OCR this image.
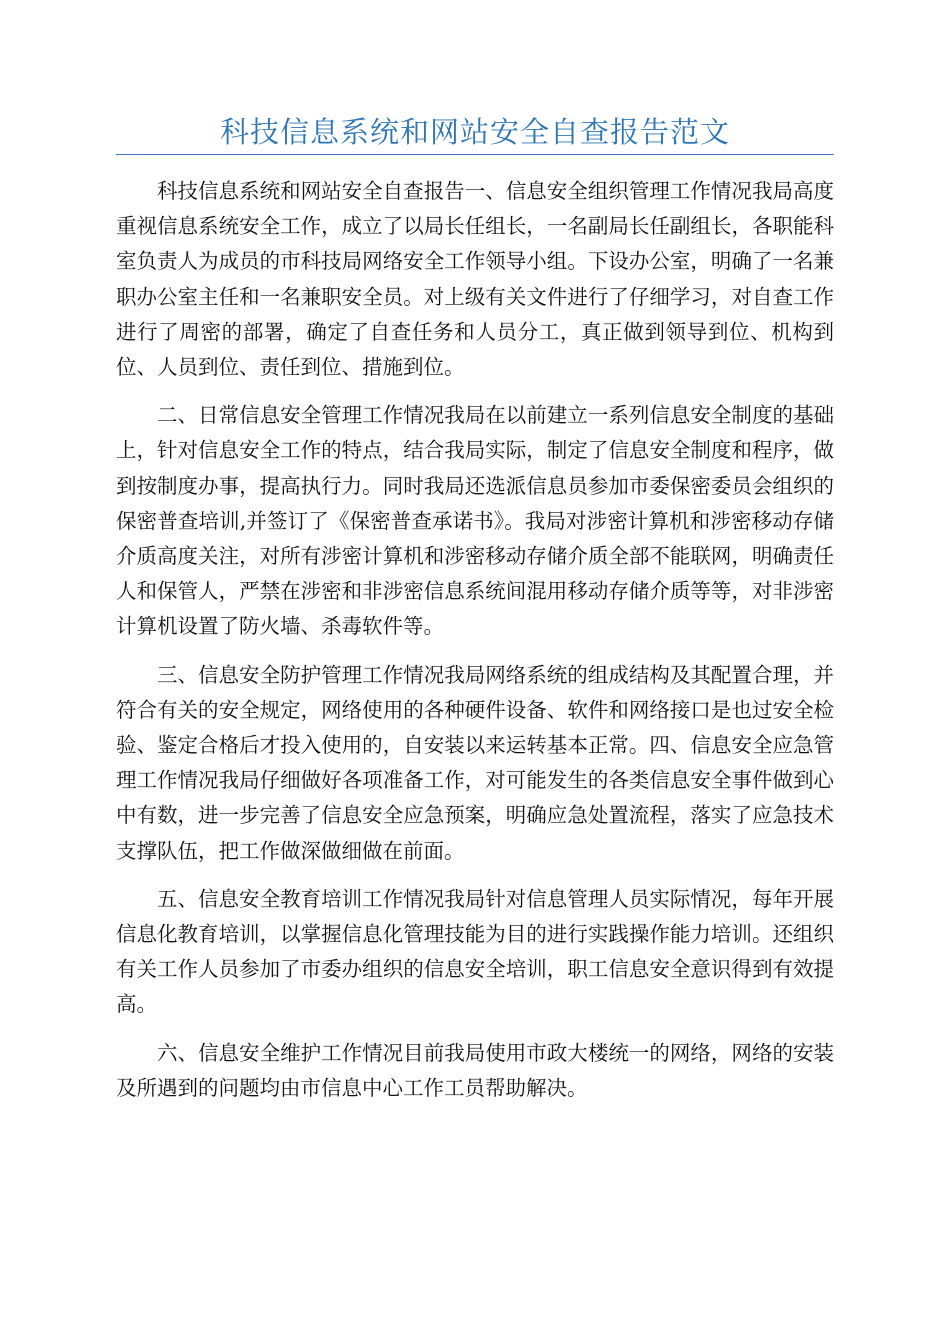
科技信息系统和网站安全自查报告范文

科技信息系统和网站安全自查报告一、信息安全组织管理工作情况我局高度重视信息系统安全工作，成立了以局长任组长，一名副局长任副组长，各职能科室负责人为成员的市科技局网络安全工作领导小组。下设办公室，明确了一名兼职办公室主任和一名兼职安全员。对上级有关文件进行了仔细学习，对自查工作进行了周密的部署，确定了自查任务和人员分工，真正做到领导到位、机构到位、人员到位、责任到位、措施到位。

二、日常信息安全管理工作情况我局在以前建立一系列信息安全制度的基础上，针对信息安全工作的特点，结合我局实际，制定了信息安全制度和程序，做到按制度办事，提高执行力。同时我局还选派信息员参加市委保密委员会组织的保密普查培训,并签订了《保密普查承诺书》。我局对涉密计算机和涉密移动存储介质高度关注，对所有涉密计算机和涉密移动存储介质全部不能联网，明确责任人和保管人，严禁在涉密和非涉密信息系统间混用移动存储介质等等，对非涉密计算机设置了防火墙、杀毒软件等。

三、信息安全防护管理工作情况我局网络系统的组成结构及其配置合理，并符合有关的安全规定，网络使用的各种硬件设备、软件和网络接口是也过安全检验、鉴定合格后才投入使用的，自安装以来运转基本正常。四、信息安全应急管理工作情况我局仔细做好各项准备工作，对可能发生的各类信息安全事件做到心中有数，进一步完善了信息安全应急预案，明确应急处置流程，落实了应急技术支撑队伍，把工作做深做细做在前面。

五、信息安全教育培训工作情况我局针对信息管理人员实际情况，每年开展信息化教育培训，以掌握信息化管理技能为目的进行实践操作能力培训。还组织有关工作人员参加了市委办组织的信息安全培训，职工信息安全意识得到有效提高。

六、信息安全维护工作情况目前我局使用市政大楼统一的网络，网络的安装及所遇到的问题均由市信息中心工作工员帮助解决。
